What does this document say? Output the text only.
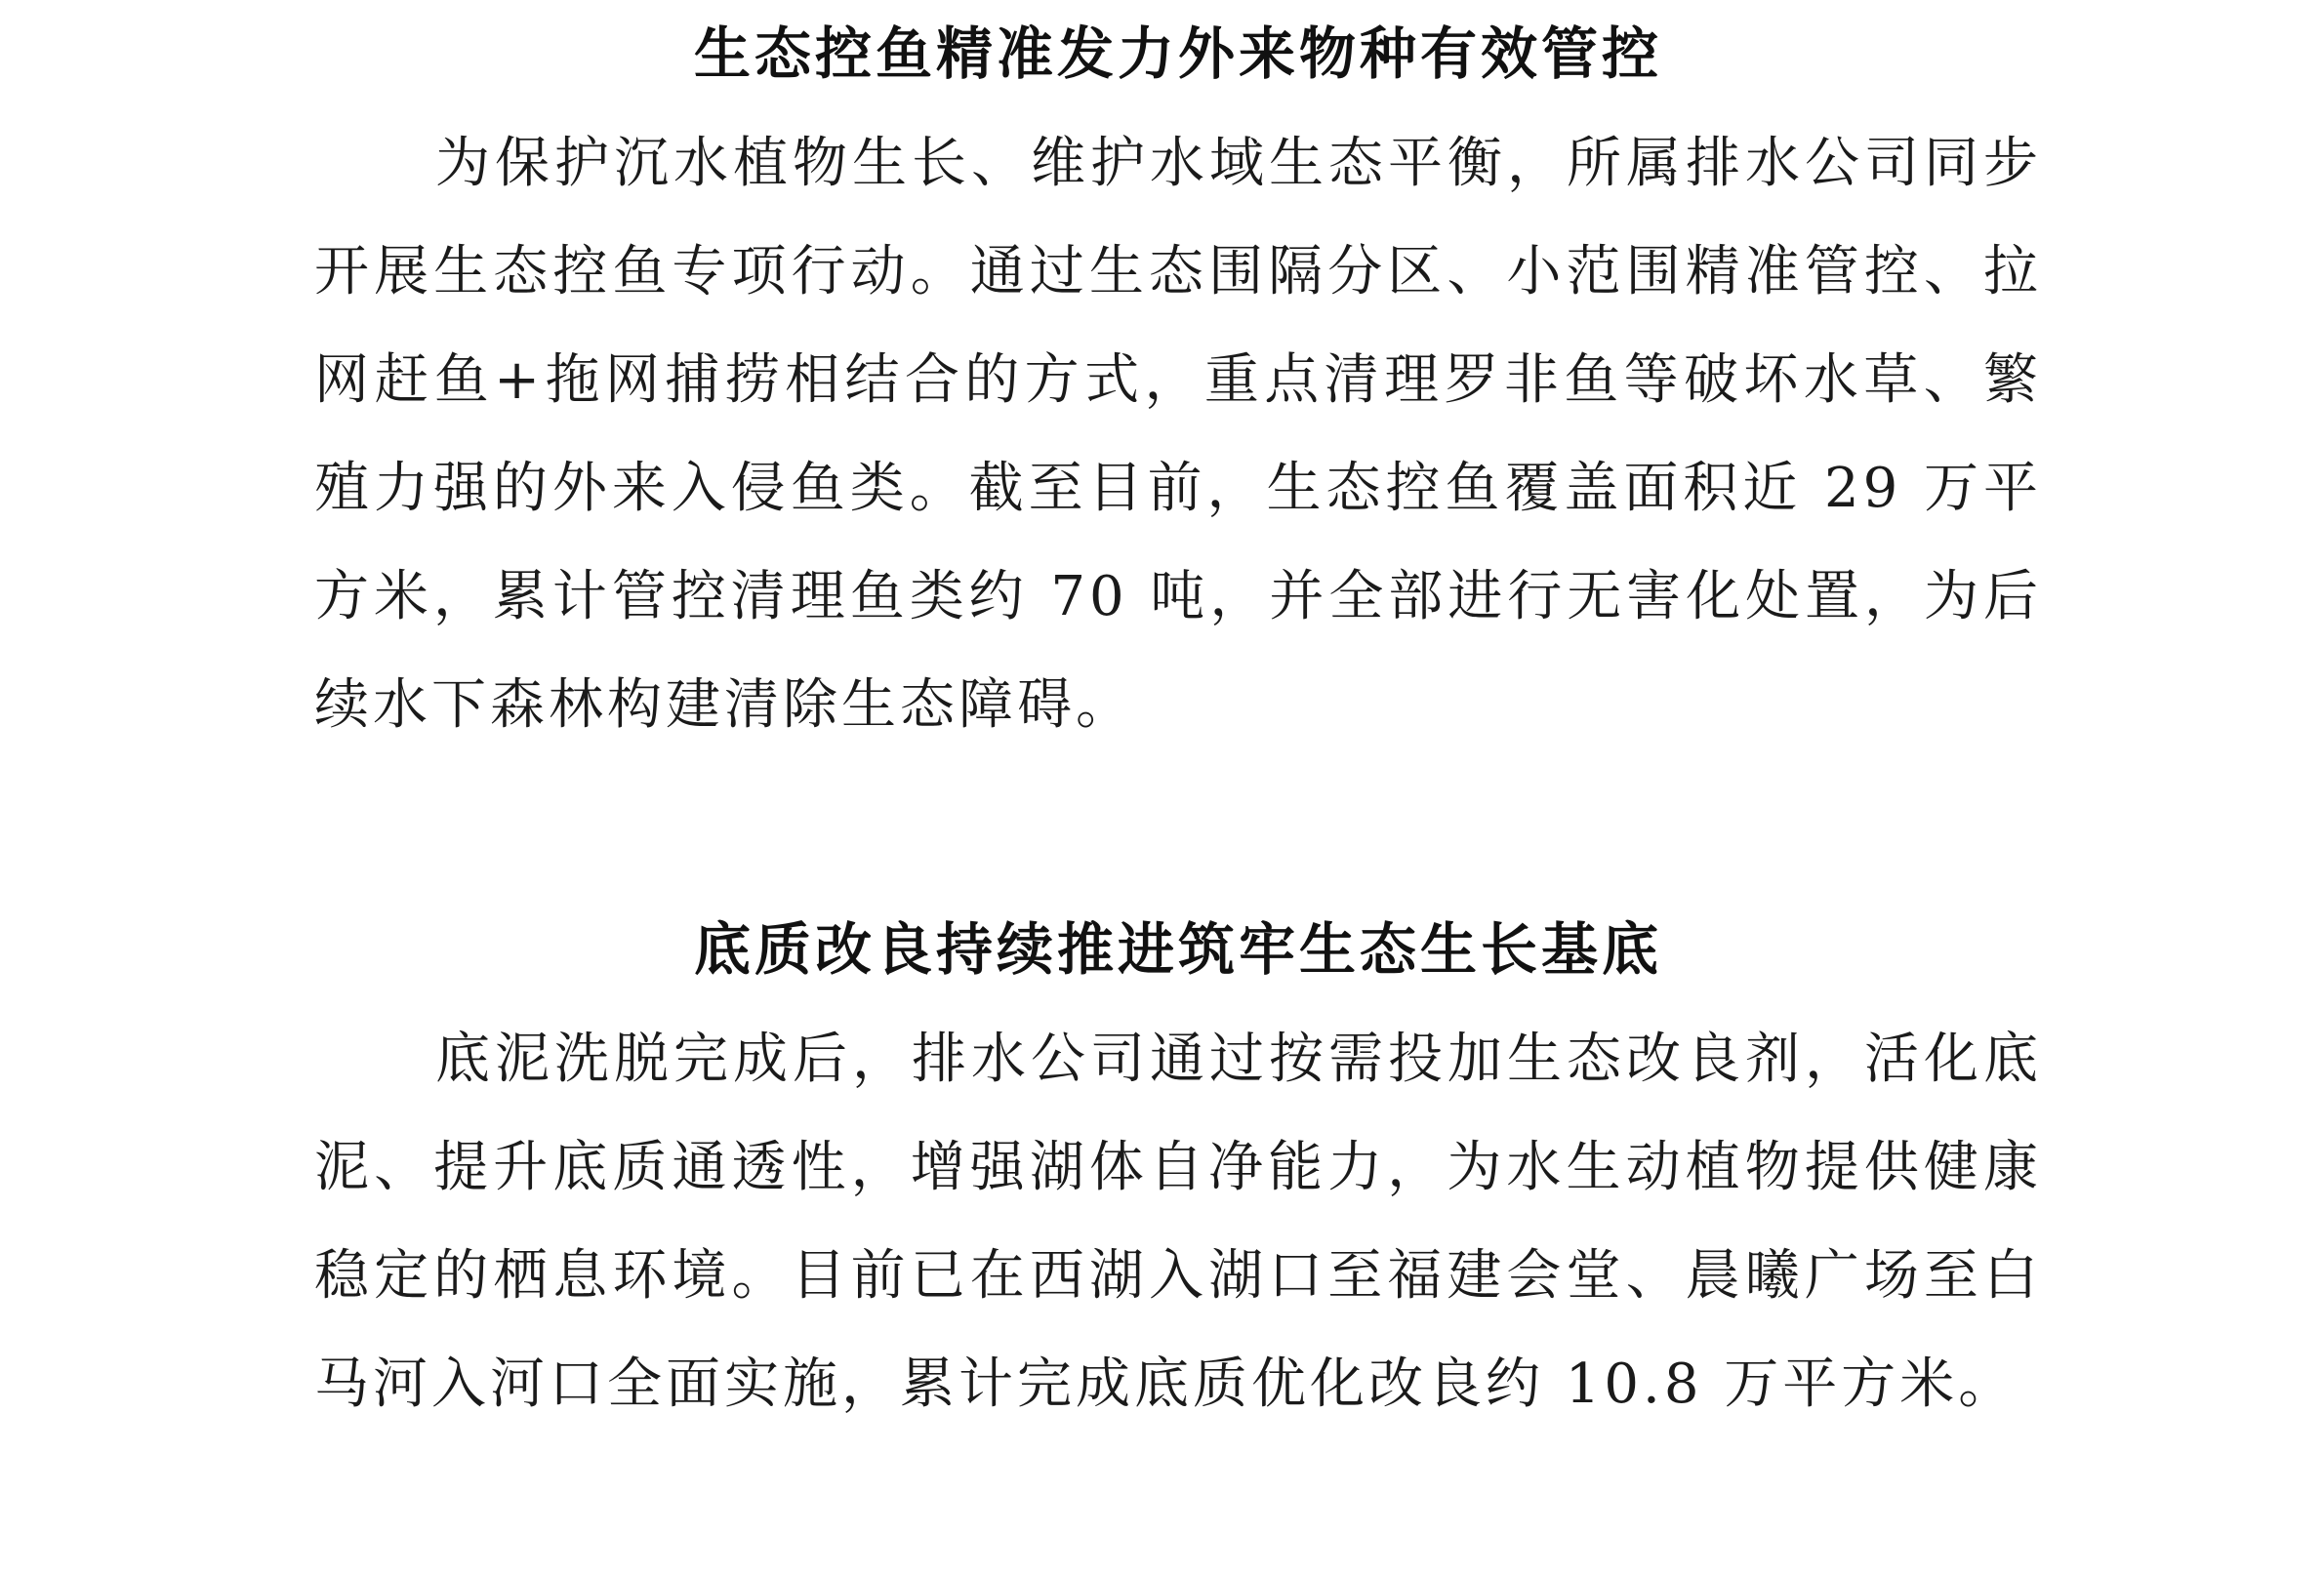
生态控鱼精准发力外来物种有效管控

为保护沉水植物生长、维护水域生态平衡，所属排水公司同步开展生态控鱼专项行动。通过生态围隔分区、小范围精准管控、拉网赶鱼+拖网捕捞相结合的方式，重点清理罗非鱼等破坏水草、繁殖力强的外来入侵鱼类。截至目前，生态控鱼覆盖面积近 29 万平方米，累计管控清理鱼类约 70 吨，并全部进行无害化处置，为后续水下森林构建清除生态障碍。

底质改良持续推进筑牢生态生长基底

底泥洗脱完成后，排水公司通过按需投加生态改良剂，活化底泥、提升底质通透性，增强湖体自净能力，为水生动植物提供健康稳定的栖息环境。目前已在西湖入湖口至福建会堂、晨曦广场至白马河入河口全面实施，累计完成底质优化改良约 10.8 万平方米。
